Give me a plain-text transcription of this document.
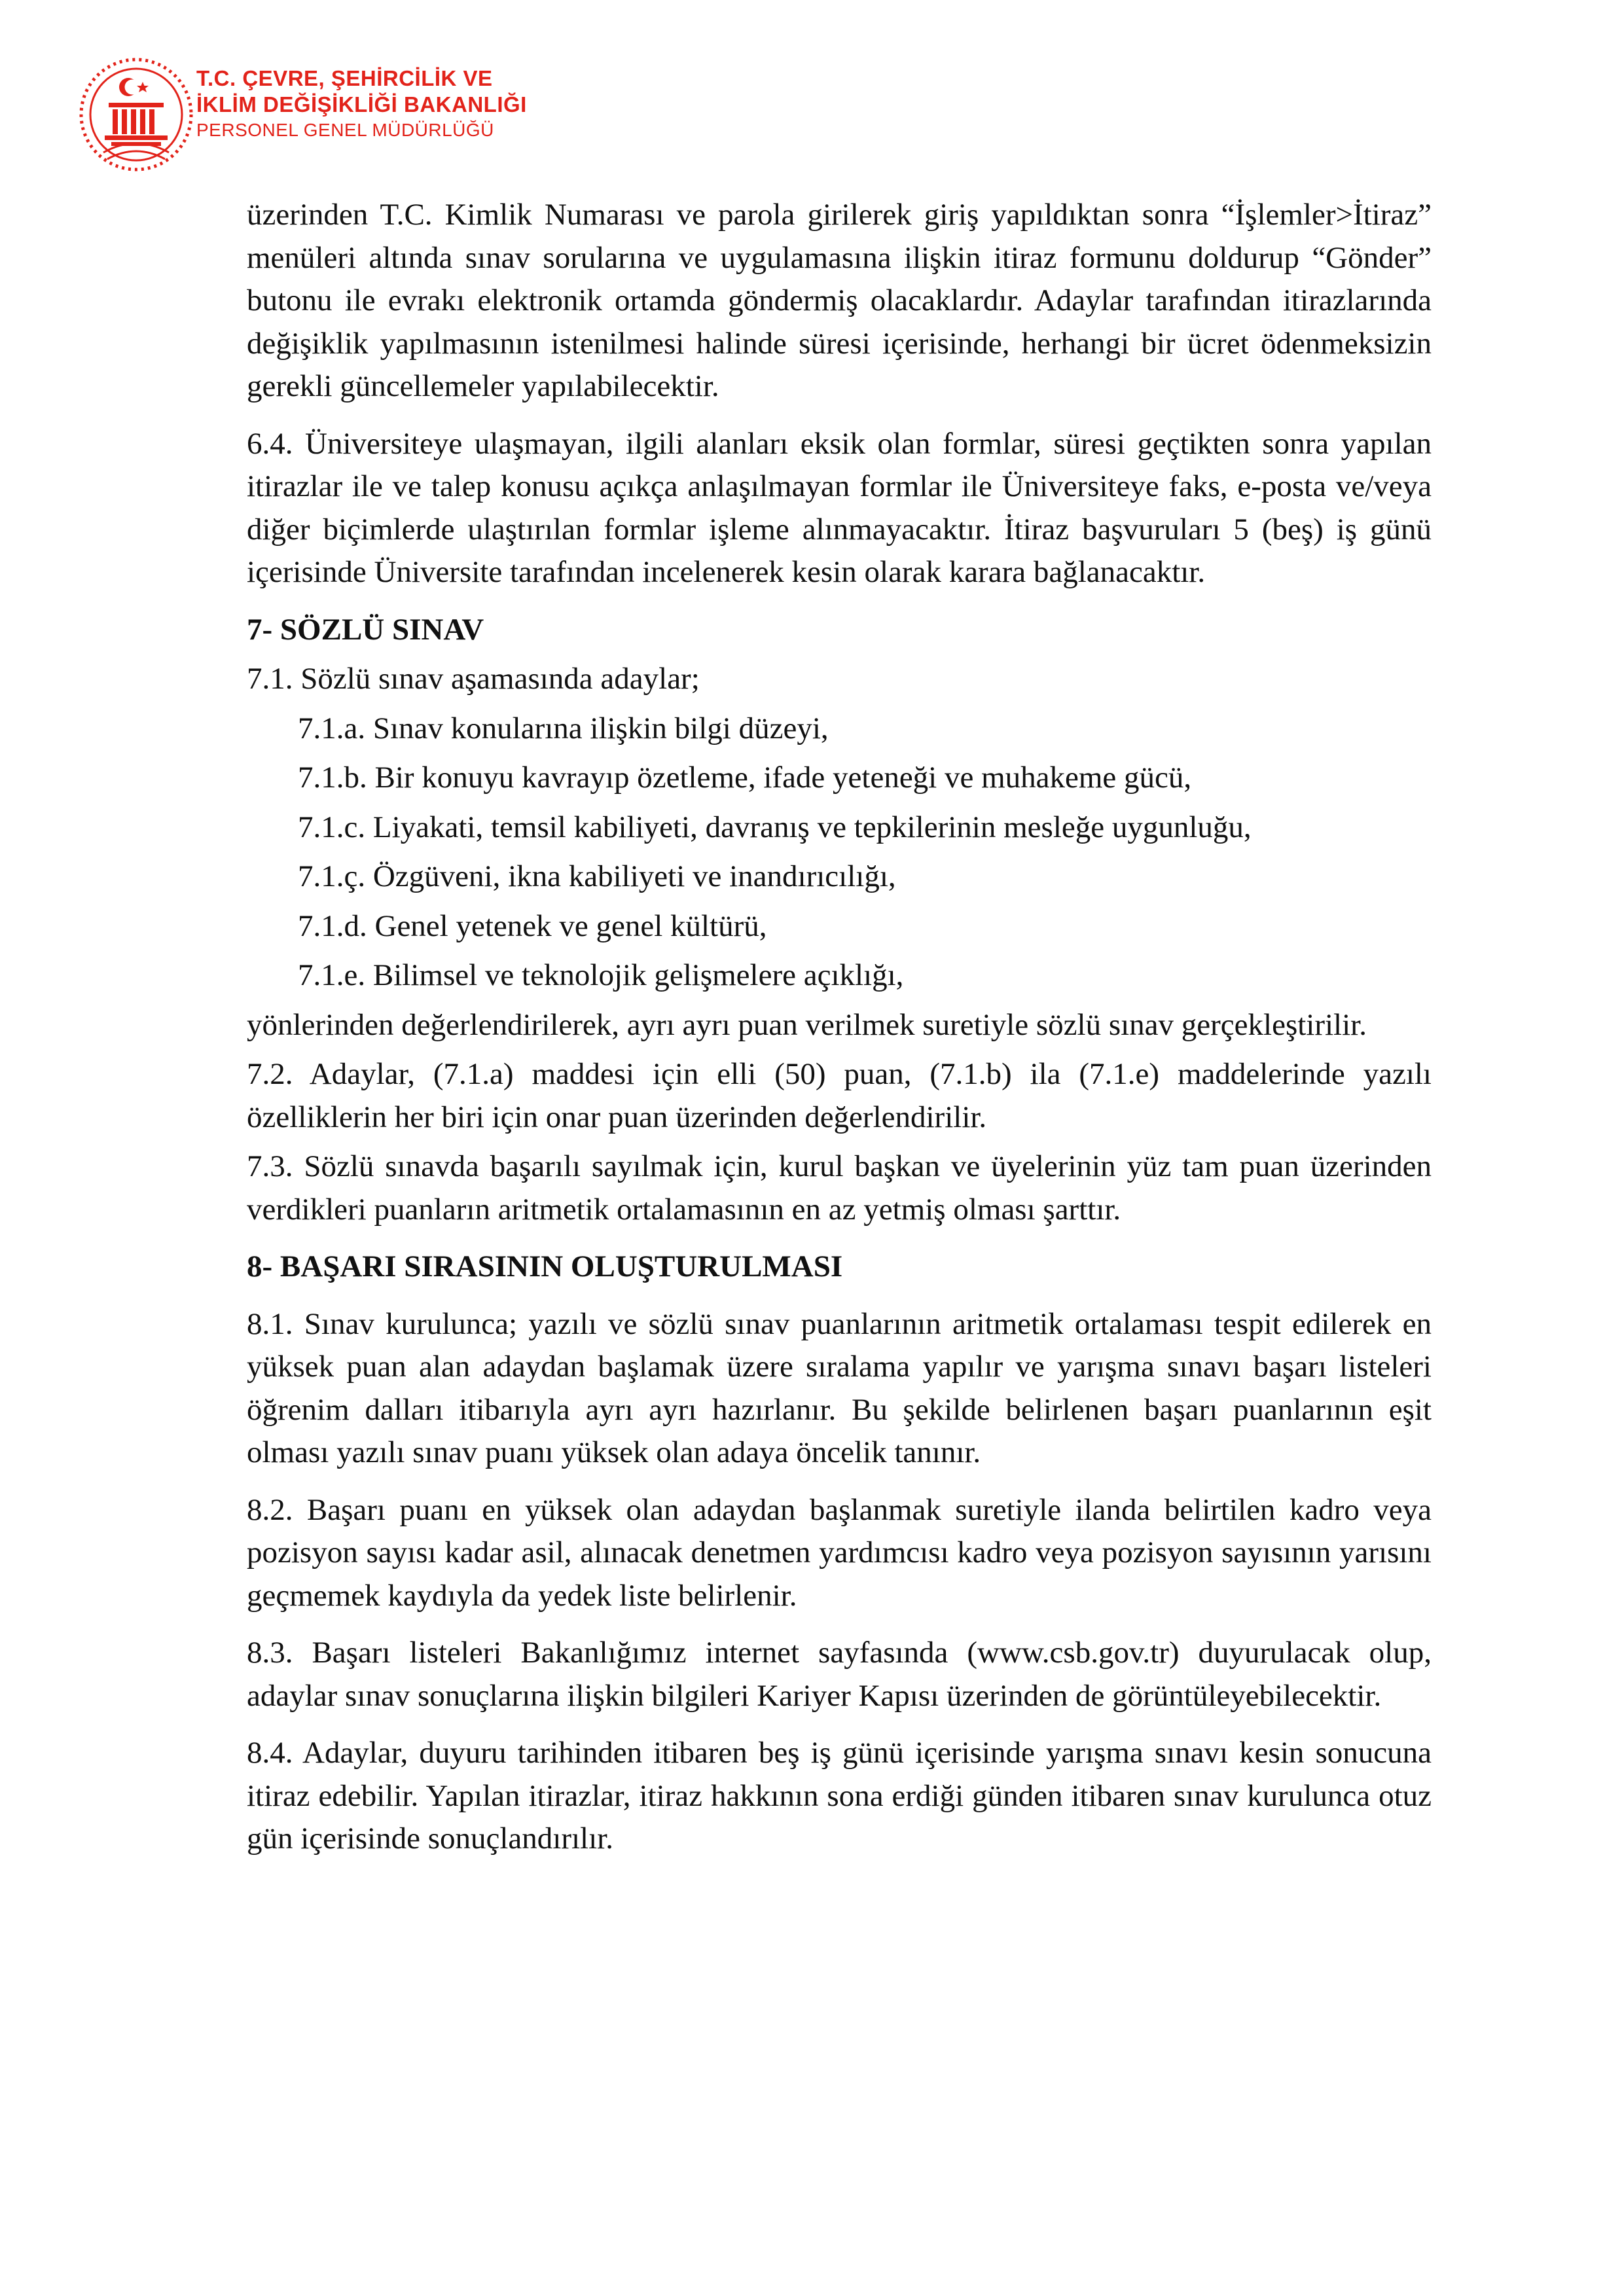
T.C. ÇEVRE, ŞEHİRCİLİK VE
İKLİM DEĞİŞİKLİĞİ BAKANLIĞI
PERSONEL GENEL MÜDÜRLÜĞÜ

üzerinden T.C. Kimlik Numarası ve parola girilerek giriş yapıldıktan sonra “İşlemler>İtiraz” menüleri altında sınav sorularına ve uygulamasına ilişkin itiraz formunu doldurup “Gönder” butonu ile evrakı elektronik ortamda göndermiş olacaklardır. Adaylar tarafından itirazlarında değişiklik yapılmasının istenilmesi halinde süresi içerisinde, herhangi bir ücret ödenmeksizin gerekli güncellemeler yapılabilecektir.

6.4. Üniversiteye ulaşmayan, ilgili alanları eksik olan formlar, süresi geçtikten sonra yapılan itirazlar ile ve talep konusu açıkça anlaşılmayan formlar ile Üniversiteye faks, e-posta ve/veya diğer biçimlerde ulaştırılan formlar işleme alınmayacaktır. İtiraz başvuruları 5 (beş) iş günü içerisinde Üniversite tarafından incelenerek kesin olarak karara bağlanacaktır.

7- SÖZLÜ SINAV

7.1. Sözlü sınav aşamasında adaylar;

7.1.a. Sınav konularına ilişkin bilgi düzeyi,

7.1.b. Bir konuyu kavrayıp özetleme, ifade yeteneği ve muhakeme gücü,

7.1.c. Liyakati, temsil kabiliyeti, davranış ve tepkilerinin mesleğe uygunluğu,

7.1.ç. Özgüveni, ikna kabiliyeti ve inandırıcılığı,

7.1.d. Genel yetenek ve genel kültürü,

7.1.e. Bilimsel ve teknolojik gelişmelere açıklığı,

yönlerinden değerlendirilerek, ayrı ayrı puan verilmek suretiyle sözlü sınav gerçekleştirilir.

7.2. Adaylar, (7.1.a) maddesi için elli (50) puan, (7.1.b) ila (7.1.e) maddelerinde yazılı özelliklerin her biri için onar puan üzerinden değerlendirilir.

7.3. Sözlü sınavda başarılı sayılmak için, kurul başkan ve üyelerinin yüz tam puan üzerinden verdikleri puanların aritmetik ortalamasının en az yetmiş olması şarttır.

8- BAŞARI SIRASININ OLUŞTURULMASI

8.1. Sınav kurulunca; yazılı ve sözlü sınav puanlarının aritmetik ortalaması tespit edilerek en yüksek puan alan adaydan başlamak üzere sıralama yapılır ve yarışma sınavı başarı listeleri öğrenim dalları itibarıyla ayrı ayrı hazırlanır. Bu şekilde belirlenen başarı puanlarının eşit olması yazılı sınav puanı yüksek olan adaya öncelik tanınır.

8.2. Başarı puanı en yüksek olan adaydan başlanmak suretiyle ilanda belirtilen kadro veya pozisyon sayısı kadar asil, alınacak denetmen yardımcısı kadro veya pozisyon sayısının yarısını geçmemek kaydıyla da yedek liste belirlenir.

8.3. Başarı listeleri Bakanlığımız internet sayfasında (www.csb.gov.tr) duyurulacak olup, adaylar sınav sonuçlarına ilişkin bilgileri Kariyer Kapısı üzerinden de görüntüleyebilecektir.

8.4. Adaylar, duyuru tarihinden itibaren beş iş günü içerisinde yarışma sınavı kesin sonucuna itiraz edebilir. Yapılan itirazlar, itiraz hakkının sona erdiği günden itibaren sınav kurulunca otuz gün içerisinde sonuçlandırılır.
